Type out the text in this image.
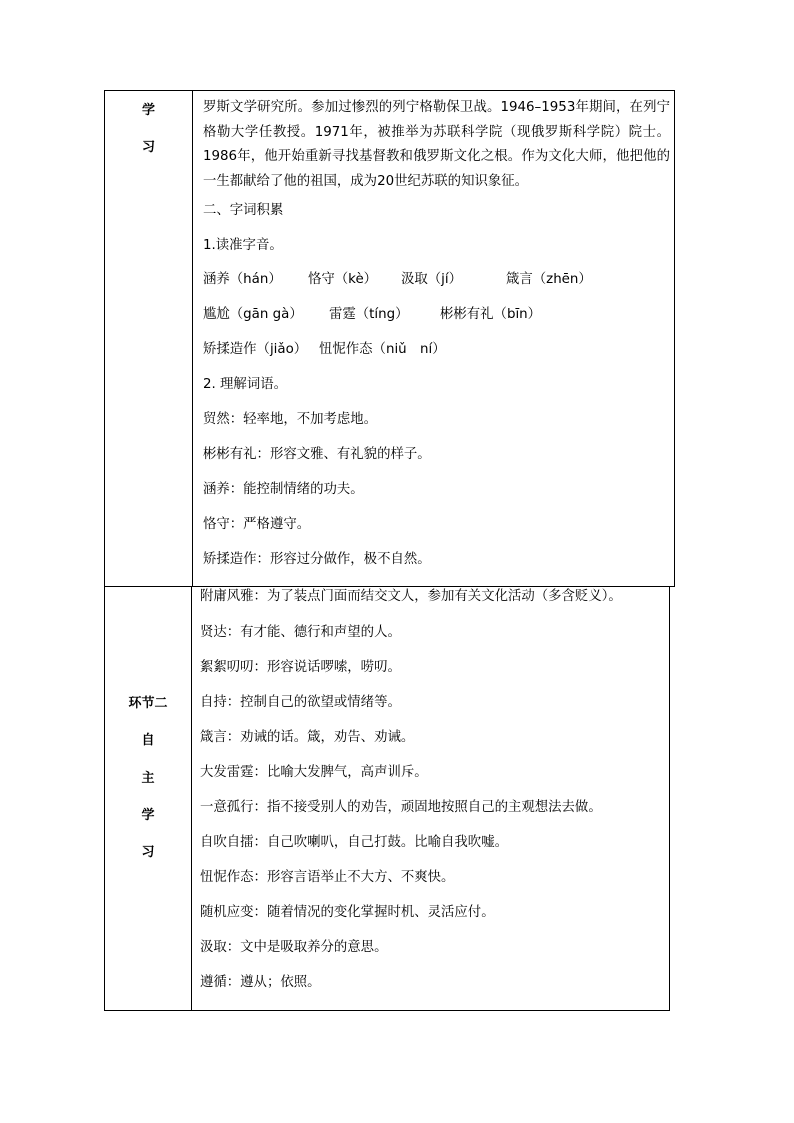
学
习
罗斯文学研究所。参加过惨烈的列宁格勒保卫战。1946–1953年期间，在列宁格勒大学任教授。1971年，被推举为苏联科学院（现俄罗斯科学院）院士。1986年，他开始重新寻找基督教和俄罗斯文化之根。作为文化大师，他把他的一生都献给了他的祖国，成为20世纪苏联的知识象征。
二、字词积累
1.读准字音。
涵养（hán） 恪守（kè） 汲取（jí）	箴言（zhēn）
尴尬（gān gà） 雷霆（tíng） 彬彬有礼（bīn）
矫揉造作（jiǎo） 忸怩作态（niǔ　ní）
2. 理解词语。
贸然：轻率地，不加考虑地。
彬彬有礼：形容文雅、有礼貌的样子。
涵养：能控制情绪的功夫。
恪守：严格遵守。
矫揉造作：形容过分做作，极不自然。
环节二
自
主
学
习
附庸风雅：为了装点门面而结交文人，参加有关文化活动（多含贬义）。
贤达：有才能、德行和声望的人。
絮絮叨叨：形容说话啰嗦，唠叨。
自持：控制自己的欲望或情绪等。
箴言：劝诫的话。箴，劝告、劝诫。
大发雷霆：比喻大发脾气，高声训斥。
一意孤行：指不接受别人的劝告，顽固地按照自己的主观想法去做。
自吹自擂：自己吹喇叭，自己打鼓。比喻自我吹嘘。
忸怩作态：形容言语举止不大方、不爽快。
随机应变：随着情况的变化掌握时机、灵活应付。
汲取：文中是吸取养分的意思。
遵循：遵从；依照。
